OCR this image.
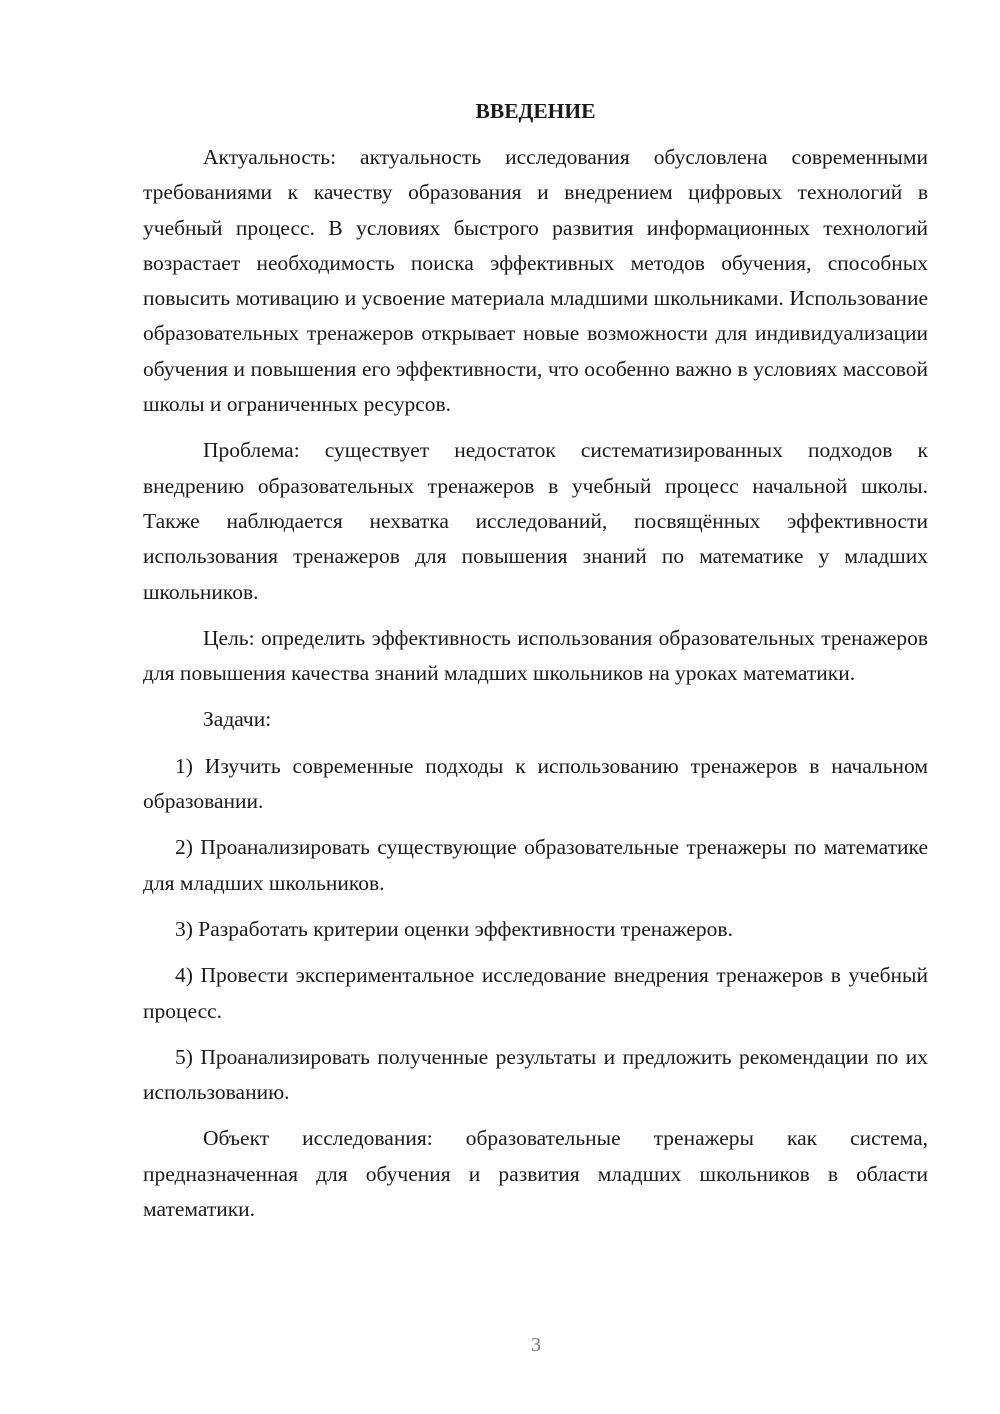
ВВЕДЕНИЕ

Актуальность: актуальность исследования обусловлена современными требованиями к качеству образования и внедрением цифровых технологий в учебный процесс. В условиях быстрого развития информационных технологий возрастает необходимость поиска эффективных методов обучения, способных повысить мотивацию и усвоение материала младшими школьниками. Использование образовательных тренажеров открывает новые возможности для индивидуализации обучения и повышения его эффективности, что особенно важно в условиях массовой школы и ограниченных ресурсов.

Проблема: существует недостаток систематизированных подходов к внедрению образовательных тренажеров в учебный процесс начальной школы. Также наблюдается нехватка исследований, посвящённых эффективности использования тренажеров для повышения знаний по математике у младших школьников.

Цель: определить эффективность использования образовательных тренажеров для повышения качества знаний младших школьников на уроках математики.

Задачи:

1) Изучить современные подходы к использованию тренажеров в начальном образовании.

2) Проанализировать существующие образовательные тренажеры по математике для младших школьников.

3) Разработать критерии оценки эффективности тренажеров.

4) Провести экспериментальное исследование внедрения тренажеров в учебный процесс.

5) Проанализировать полученные результаты и предложить рекомендации по их использованию.

Объект исследования: образовательные тренажеры как система, предназначенная для обучения и развития младших школьников в области математики.

3
